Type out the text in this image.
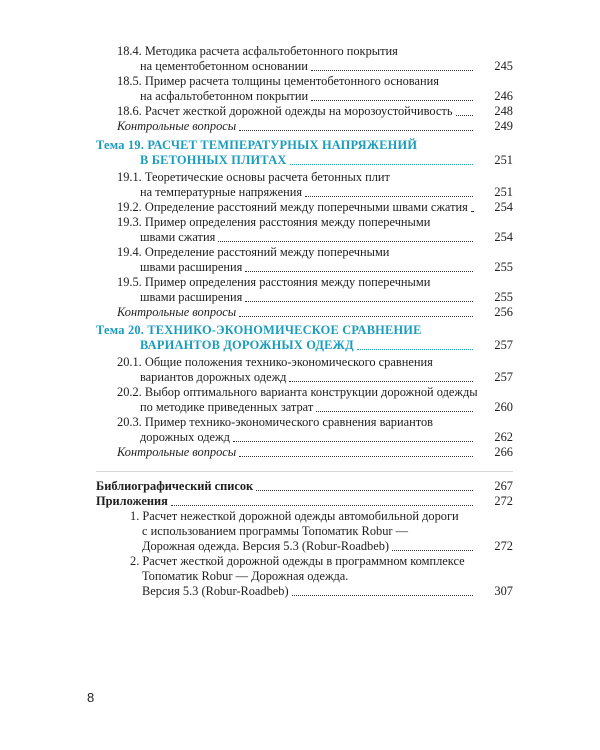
18.4. Методика расчета асфальтобетонного покрытия
на цементобетонном основании	245
18.5. Пример расчета толщины цементобетонного основания
на асфальтобетонном покрытии	246
18.6. Расчет жесткой дорожной одежды на морозоустойчивость	248
Контрольные вопросы	249
Тема 19. РАСЧЕТ ТЕМПЕРАТУРНЫХ НАПРЯЖЕНИЙ
В БЕТОННЫХ ПЛИТАХ	251
19.1. Теоретические основы расчета бетонных плит
на температурные напряжения	251
19.2. Определение расстояний между поперечными швами сжатия	254
19.3. Пример определения расстояния между поперечными
швами сжатия	254
19.4. Определение расстояний между поперечными
швами расширения	255
19.5. Пример определения расстояния между поперечными
швами расширения	255
Контрольные вопросы	256
Тема 20. ТЕХНИКО-ЭКОНОМИЧЕСКОЕ СРАВНЕНИЕ
ВАРИАНТОВ ДОРОЖНЫХ ОДЕЖД	257
20.1. Общие положения технико-экономического сравнения
вариантов дорожных одежд	257
20.2. Выбор оптимального варианта конструкции дорожной одежды
по методике приведенных затрат	260
20.3. Пример технико-экономического сравнения вариантов
дорожных одежд	262
Контрольные вопросы	266
Библиографический список	267
Приложения	272
1. Расчет нежесткой дорожной одежды автомобильной дороги
с использованием программы Топоматик Robur —
Дорожная одежда. Версия 5.3 (Robur-Roadbeb)	272
2. Расчет жесткой дорожной одежды в программном комплексе
Топоматик Robur — Дорожная одежда.
Версия 5.3 (Robur-Roadbeb)	307
8
